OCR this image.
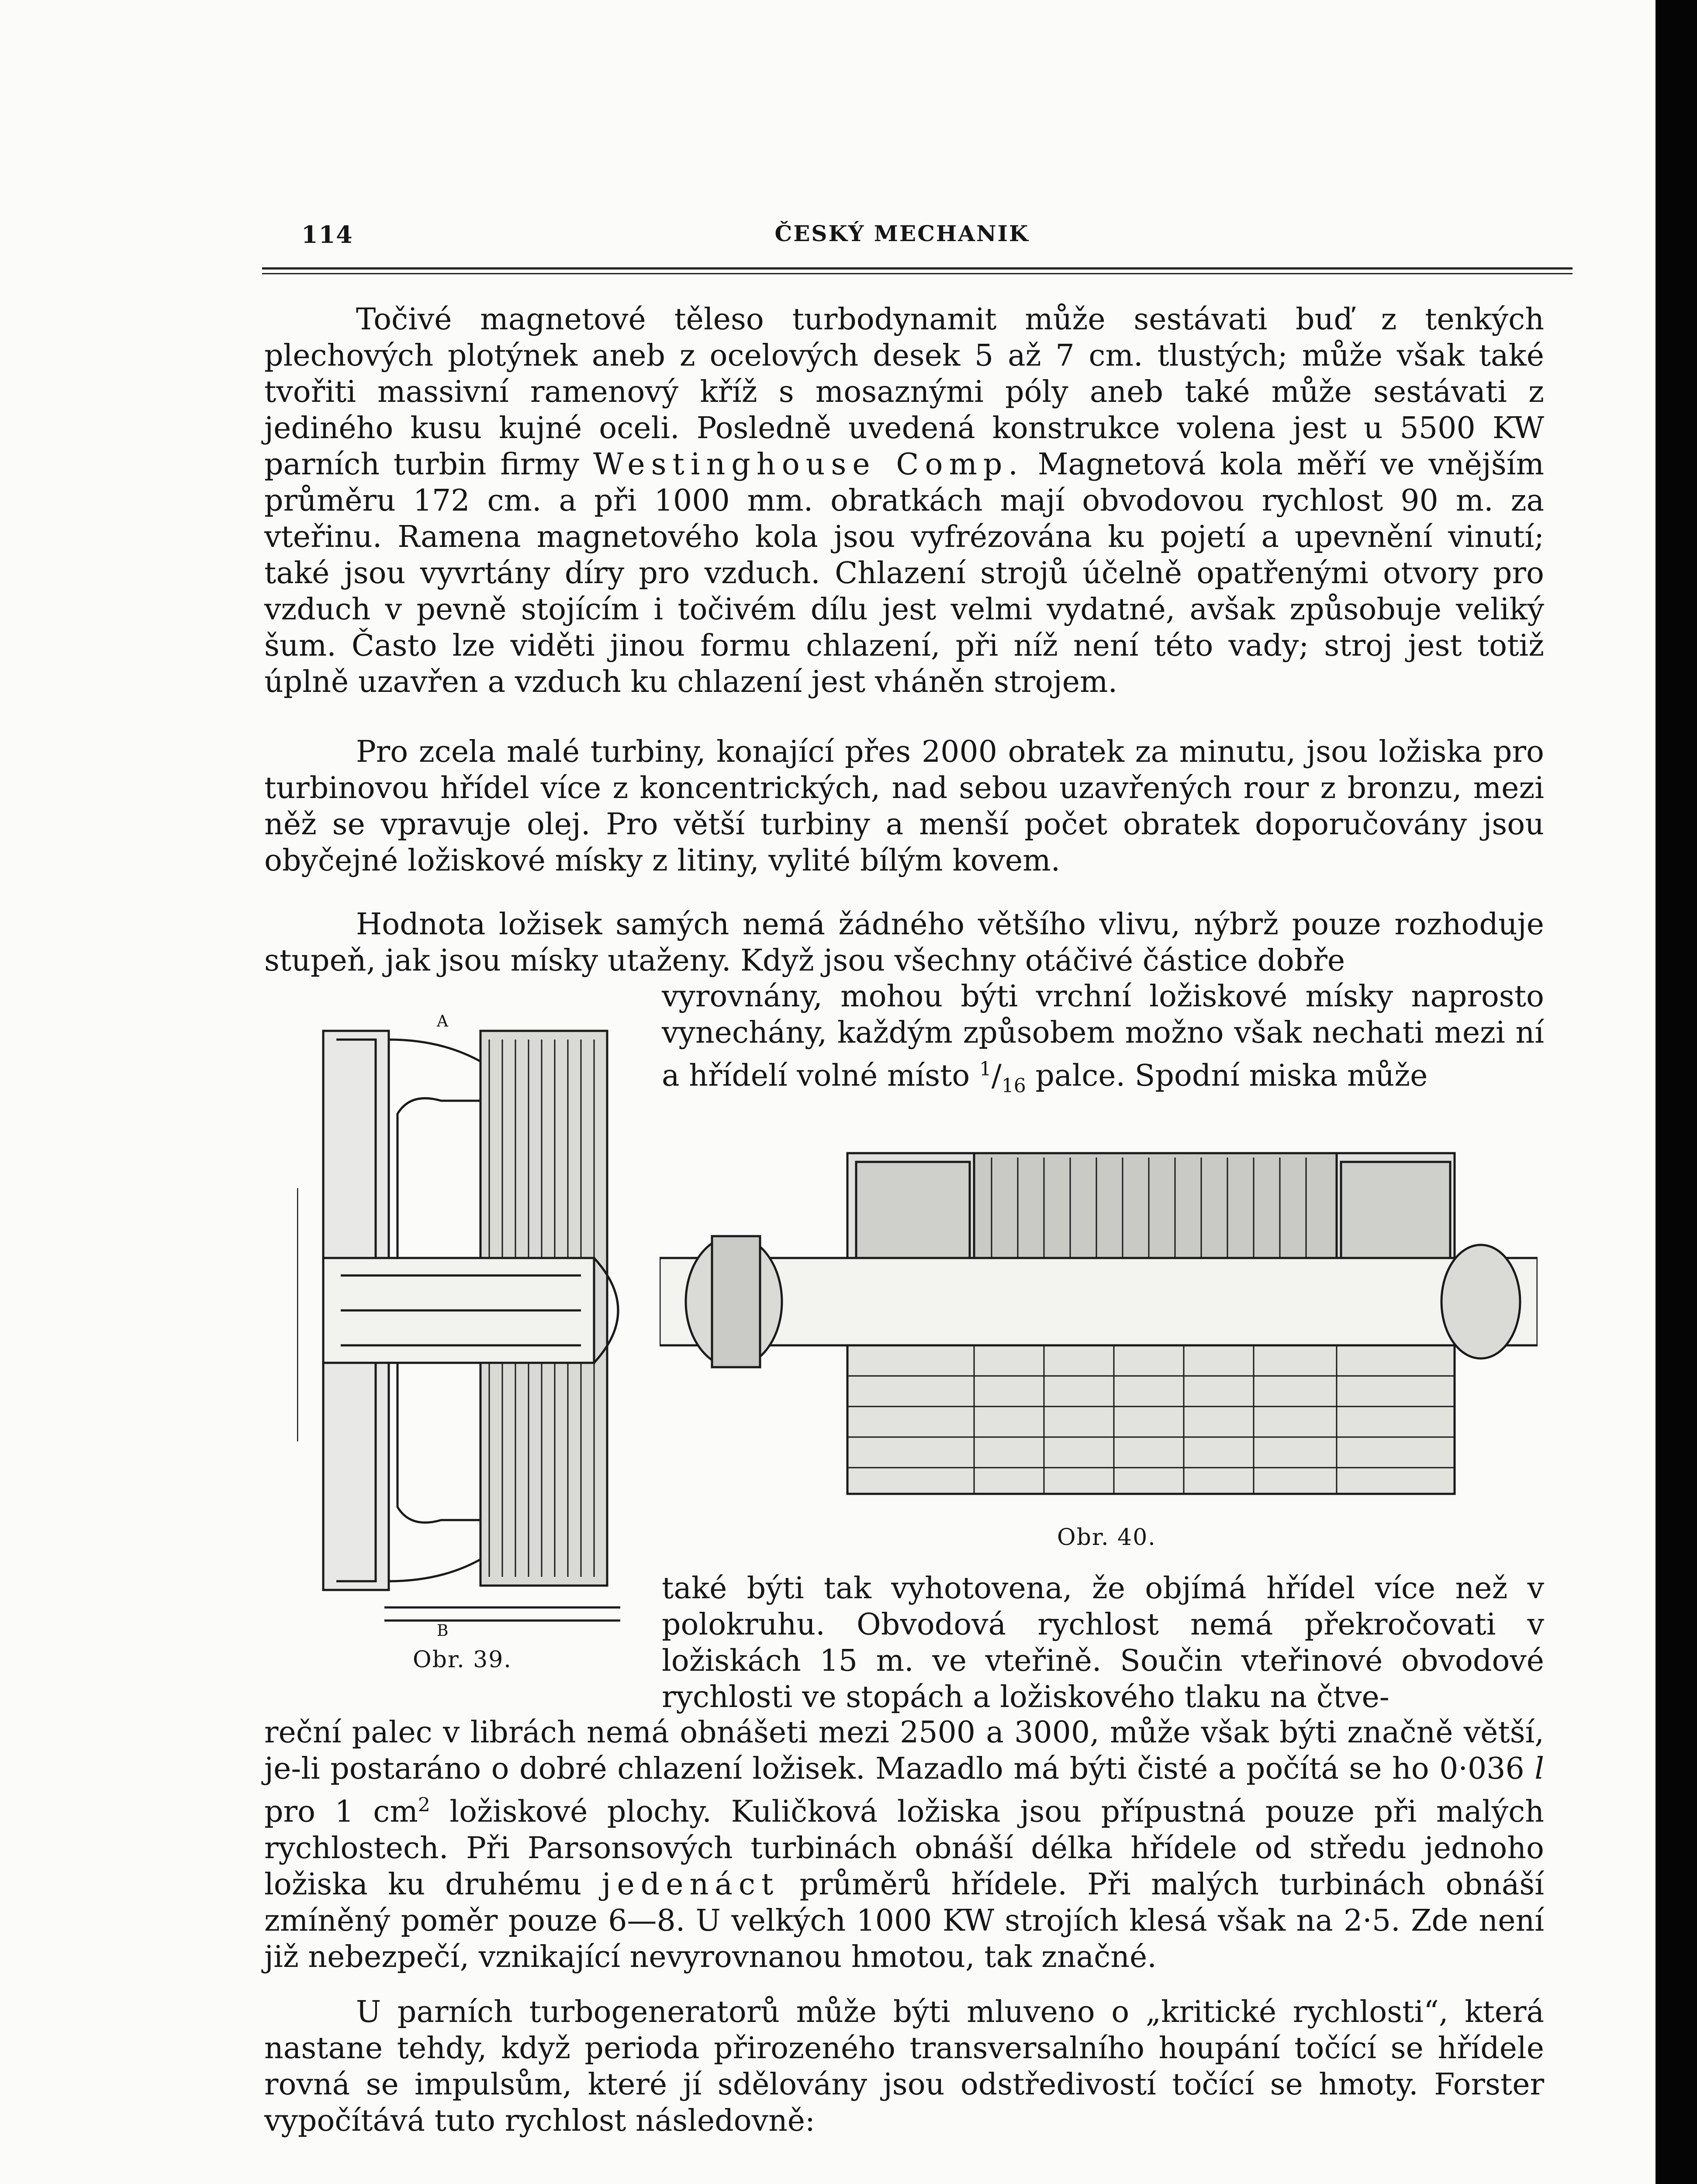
114	ČESKÝ MECHANIK

Točivé magnetové těleso turbodynamit může sestávati buď z tenkých plechových plotýnek aneb z ocelových desek 5 až 7 cm. tlustých; může však také tvořiti massivní ramenový kříž s mosaznými póly aneb také může sestávati z jediného kusu kujné oceli. Posledně uvedená konstrukce volena jest u 5500 KW parních turbin firmy Westinghouse Comp. Magnetová kola měří ve vnějším průměru 172 cm. a při 1000 mm. obratkách mají obvodovou rychlost 90 m. za vteřinu. Ramena magnetového kola jsou vyfrézována ku pojetí a upevnění vinutí; také jsou vyvrtány díry pro vzduch. Chlazení strojů účelně opatřenými otvory pro vzduch v pevně stojícím i točivém dílu jest velmi vydatné, avšak způsobuje veliký šum. Často lze viděti jinou formu chlazení, při níž není této vady; stroj jest totiž úplně uzavřen a vzduch ku chlazení jest vháněn strojem.

Pro zcela malé turbiny, konající přes 2000 obratek za minutu, jsou ložiska pro turbinovou hřídel více z koncentrických, nad sebou uzavřených rour z bronzu, mezi něž se vpravuje olej. Pro větší turbiny a menší počet obratek doporučovány jsou obyčejné ložiskové mísky z litiny, vylité bílým kovem.

Hodnota ložisek samých nemá žádného většího vlivu, nýbrž pouze rozhoduje stupeň, jak jsou mísky utaženy. Když jsou všechny otáčivé částice dobře

vyrovnány, mohou býti vrchní ložiskové mísky naprosto vynechány, každým způsobem možno však nechati mezi ní a hřídelí volné místo $^1/_{16}$ palce. Spodní miska může

A
B
Obr. 39.
Obr. 40.

také býti tak vyhotovena, že objímá hřídel více než v polokruhu. Obvodová rychlost nemá překročovati v ložiskách 15 m. ve vteřině. Součin vteřinové obvodové rychlosti ve stopách a ložiskového tlaku na čtve-

reční palec v librách nemá obnášeti mezi 2500 a 3000, může však býti značně větší, je-li postaráno o dobré chlazení ložisek. Mazadlo má býti čisté a počítá se ho 0·036 l pro 1 $cm^2$ ložiskové plochy. Kuličková ložiska jsou přípustná pouze při malých rychlostech. Při Parsonsových turbinách obnáší délka hřídele od středu jednoho ložiska ku druhému jedenáct průměrů hřídele. Při malých turbinách obnáší zmíněný poměr pouze 6—8. U velkých 1000 KW strojích klesá však na 2·5. Zde není již nebezpečí, vznikající nevyrovnanou hmotou, tak značné.

U parních turbogeneratorů může býti mluveno o „kritické rychlosti“, která nastane tehdy, když perioda přirozeného transversalního houpání točící se hřídele rovná se impulsům, které jí sdělovány jsou odstředivostí točící se hmoty. Forster vypočítává tuto rychlost následovně:
